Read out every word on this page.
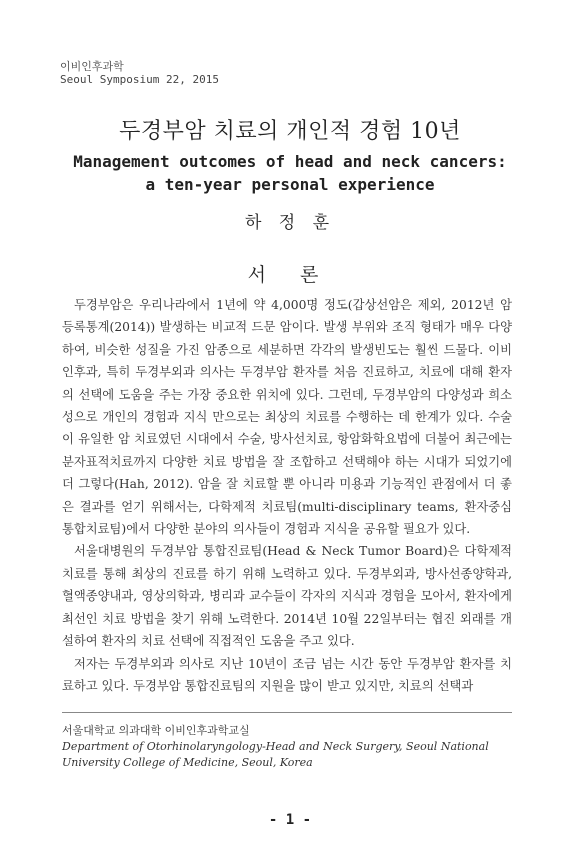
이비인후과학
Seoul Symposium 22, 2015
두경부암 치료의 개인적 경험 10년
Management outcomes of head and neck cancers:
a ten-year personal experience
하 정 훈
서 론

두경부암은 우리나라에서 1년에 약 4,000명 정도(갑상선암은 제외, 2012년 암 등록통계(2014)) 발생하는 비교적 드문 암이다. 발생 부위와 조직 형태가 매우 다양하여, 비슷한 성질을 가진 암종으로 세분하면 각각의 발생빈도는 훨씬 드물다. 이비인후과, 특히 두경부외과 의사는 두경부암 환자를 처음 진료하고, 치료에 대해 환자의 선택에 도움을 주는 가장 중요한 위치에 있다. 그런데, 두경부암의 다양성과 희소성으로 개인의 경험과 지식 만으로는 최상의 치료를 수행하는 데 한계가 있다. 수술이 유일한 암 치료였던 시대에서 수술, 방사선치료, 항암화학요법에 더불어 최근에는 분자표적치료까지 다양한 치료 방법을 잘 조합하고 선택해야 하는 시대가 되었기에 더 그렇다(Hah, 2012). 암을 잘 치료할 뿐 아니라 미용과 기능적인 관점에서 더 좋은 결과를 얻기 위해서는, 다학제적 치료팀(multi-disciplinary teams, 환자중심 통합치료팀)에서 다양한 분야의 의사들이 경험과 지식을 공유할 필요가 있다.

서울대병원의 두경부암 통합진료팀(Head & Neck Tumor Board)은 다학제적 치료를 통해 최상의 진료를 하기 위해 노력하고 있다. 두경부외과, 방사선종양학과, 혈액종양내과, 영상의학과, 병리과 교수들이 각자의 지식과 경험을 모아서, 환자에게 최선인 치료 방법을 찾기 위해 노력한다. 2014년 10월 22일부터는 협진 외래를 개설하여 환자의 치료 선택에 직접적인 도움을 주고 있다.

저자는 두경부외과 의사로 지난 10년이 조금 넘는 시간 동안 두경부암 환자를 치료하고 있다. 두경부암 통합진료팀의 지원을 많이 받고 있지만, 치료의 선택과

서울대학교 의과대학 이비인후과학교실
Department of Otorhinolaryngology-Head and Neck Surgery, Seoul National University College of Medicine, Seoul, Korea
- 1 -
